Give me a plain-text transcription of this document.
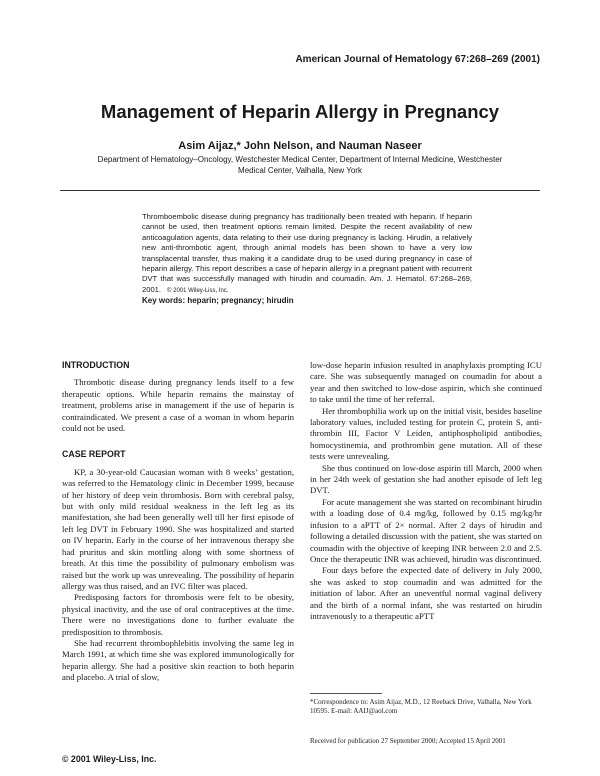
American Journal of Hematology 67:268–269 (2001)
Management of Heparin Allergy in Pregnancy
Asim Aijaz,* John Nelson, and Nauman Naseer
Department of Hematology–Oncology, Westchester Medical Center, Department of Internal Medicine, Westchester Medical Center, Valhalla, New York
Thromboembolic disease during pregnancy has traditionally been treated with heparin. If heparin cannot be used, then treatment options remain limited. Despite the recent availability of new anticoagulation agents, data relating to their use during pregnancy is lacking. Hirudin, a relatively new anti-thrombotic agent, through animal models has been shown to have a very low transplacental transfer, thus making it a candidate drug to be used during pregnancy in case of heparin allergy. This report describes a case of heparin allergy in a pregnant patient with recurrent DVT that was successfully managed with hirudin and coumadin. Am. J. Hematol. 67:268–269, 2001. © 2001 Wiley-Liss, Inc.
Key words: heparin; pregnancy; hirudin
INTRODUCTION

Thrombotic disease during pregnancy lends itself to a few therapeutic options. While heparin remains the mainstay of treatment, problems arise in management if the use of heparin is contraindicated. We present a case of a woman in whom heparin could not be used.

CASE REPORT

KP, a 30-year-old Caucasian woman with 8 weeks’ gestation, was referred to the Hematology clinic in December 1999, because of her history of deep vein thrombosis. Born with cerebral palsy, but with only mild residual weakness in the left leg as its manifestation, she had been generally well till her first episode of left leg DVT in February 1990. She was hospitalized and started on IV heparin. Early in the course of her intravenous therapy she had pruritus and skin mottling along with some shortness of breath. At this time the possibility of pulmonary embolism was raised but the work up was unrevealing. The possibility of heparin allergy was thus raised, and an IVC filter was placed.

Predisposing factors for thrombosis were felt to be obesity, physical inactivity, and the use of oral contraceptives at the time. There were no investigations done to further evaluate the predisposition to thrombosis.

She had recurrent thrombophlebitis involving the same leg in March 1991, at which time she was explored immunologically for heparin allergy. She had a positive skin reaction to both heparin and placebo. A trial of slow,

low-dose heparin infusion resulted in anaphylaxis prompting ICU care. She was subsequently managed on coumadin for about a year and then switched to low-dose aspirin, which she continued to take until the time of her referral.

Her thrombophilia work up on the initial visit, besides baseline laboratory values, included testing for protein C, protein S, anti-thrombin III, Factor V Leiden, antiphospholipid antibodies, homocystinemia, and prothrombin gene mutation. All of these tests were unrevealing.

She thus continued on low-dose aspirin till March, 2000 when in her 24th week of gestation she had another episode of left leg DVT.

For acute management she was started on recombinant hirudin with a loading dose of 0.4 mg/kg, followed by 0.15 mg/kg/hr infusion to a aPTT of 2× normal. After 2 days of hirudin and following a detailed discussion with the patient, she was started on coumadin with the objective of keeping INR between 2.0 and 2.5. Once the therapeutic INR was achieved, hirudin was discontinued.

Four days before the expected date of delivery in July 2000, she was asked to stop coumadin and was admitted for the initiation of labor. After an uneventful normal vaginal delivery and the birth of a normal infant, she was restarted on hirudin intravenously to a therapeutic aPTT

*Correspondence to: Asim Aijaz, M.D., 12 Reeback Drive, Valhalla, New York 10595. E-mail: AAIJ@aol.com
Received for publication 27 September 2000; Accepted 15 April 2001
© 2001 Wiley-Liss, Inc.
